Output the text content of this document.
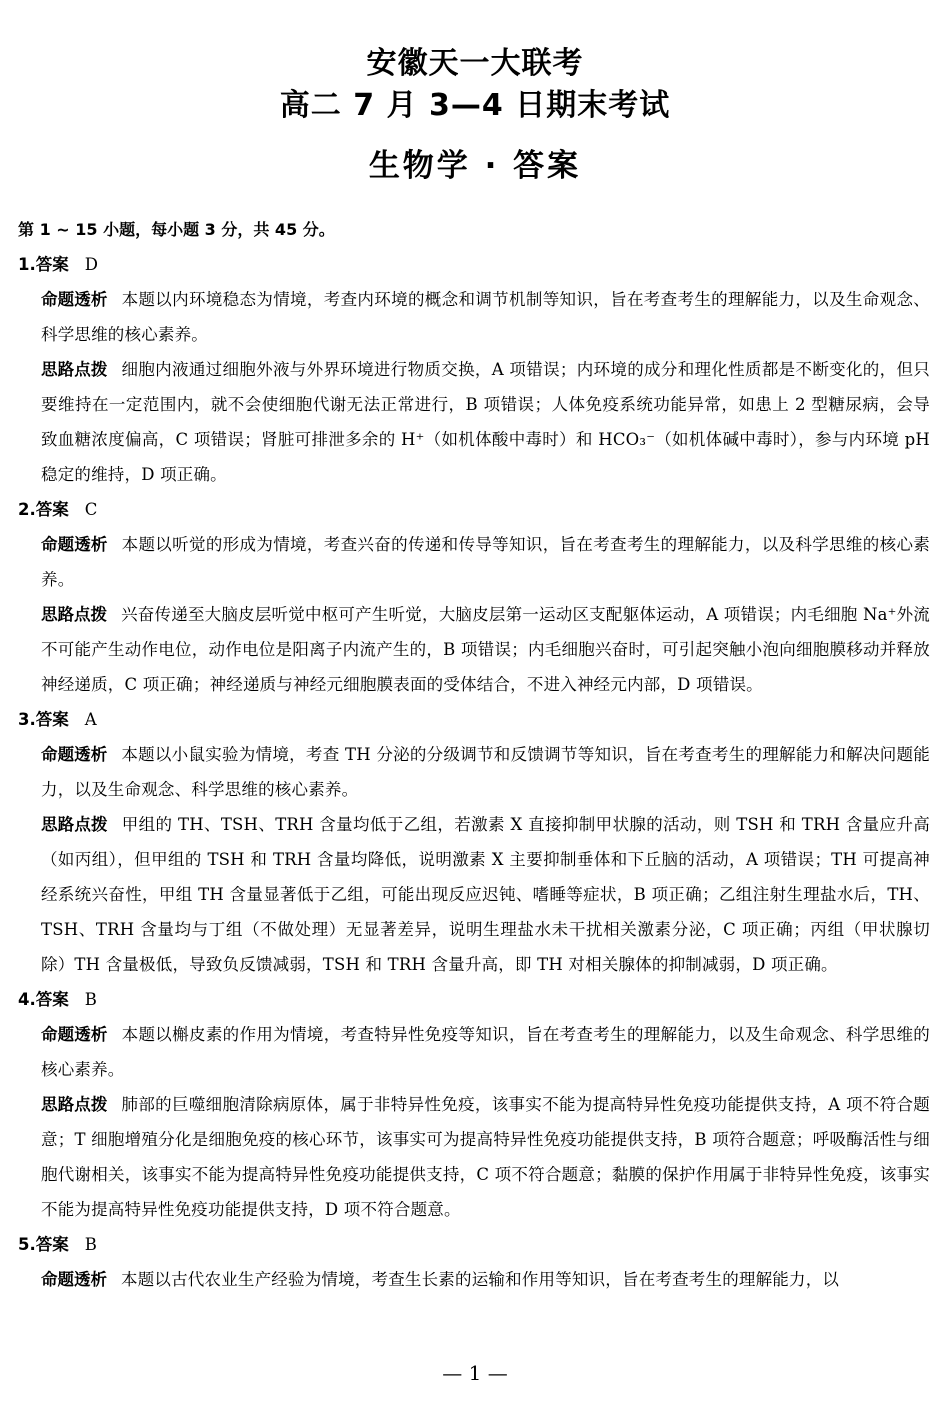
安徽天一大联考
高二 7 月 3—4 日期末考试
生物学 · 答案
第 1 ~ 15 小题，每小题 3 分，共 45 分。
1.答案 D
命题透析 本题以内环境稳态为情境，考查内环境的概念和调节机制等知识，旨在考查考生的理解能力，以及生命观念、科学思维的核心素养。
思路点拨 细胞内液通过细胞外液与外界环境进行物质交换，A 项错误；内环境的成分和理化性质都是不断变化的，但只要维持在一定范围内，就不会使细胞代谢无法正常进行，B 项错误；人体免疫系统功能异常，如患上 2 型糖尿病，会导致血糖浓度偏高，C 项错误；肾脏可排泄多余的 H⁺（如机体酸中毒时）和 HCO₃⁻（如机体碱中毒时），参与内环境 pH 稳定的维持，D 项正确。
2.答案 C
命题透析 本题以听觉的形成为情境，考查兴奋的传递和传导等知识，旨在考查考生的理解能力，以及科学思维的核心素养。
思路点拨 兴奋传递至大脑皮层听觉中枢可产生听觉，大脑皮层第一运动区支配躯体运动，A 项错误；内毛细胞 Na⁺外流不可能产生动作电位，动作电位是阳离子内流产生的，B 项错误；内毛细胞兴奋时，可引起突触小泡向细胞膜移动并释放神经递质，C 项正确；神经递质与神经元细胞膜表面的受体结合，不进入神经元内部，D 项错误。
3.答案 A
命题透析 本题以小鼠实验为情境，考查 TH 分泌的分级调节和反馈调节等知识，旨在考查考生的理解能力和解决问题能力，以及生命观念、科学思维的核心素养。
思路点拨 甲组的 TH、TSH、TRH 含量均低于乙组，若激素 X 直接抑制甲状腺的活动，则 TSH 和 TRH 含量应升高（如丙组），但甲组的 TSH 和 TRH 含量均降低，说明激素 X 主要抑制垂体和下丘脑的活动，A 项错误；TH 可提高神经系统兴奋性，甲组 TH 含量显著低于乙组，可能出现反应迟钝、嗜睡等症状，B 项正确；乙组注射生理盐水后，TH、TSH、TRH 含量均与丁组（不做处理）无显著差异，说明生理盐水未干扰相关激素分泌，C 项正确；丙组（甲状腺切除）TH 含量极低，导致负反馈减弱，TSH 和 TRH 含量升高，即 TH 对相关腺体的抑制减弱，D 项正确。
4.答案 B
命题透析 本题以槲皮素的作用为情境，考查特异性免疫等知识，旨在考查考生的理解能力，以及生命观念、科学思维的核心素养。
思路点拨 肺部的巨噬细胞清除病原体，属于非特异性免疫，该事实不能为提高特异性免疫功能提供支持，A 项不符合题意；T 细胞增殖分化是细胞免疫的核心环节，该事实可为提高特异性免疫功能提供支持，B 项符合题意；呼吸酶活性与细胞代谢相关，该事实不能为提高特异性免疫功能提供支持，C 项不符合题意；黏膜的保护作用属于非特异性免疫，该事实不能为提高特异性免疫功能提供支持，D 项不符合题意。
5.答案 B
命题透析 本题以古代农业生产经验为情境，考查生长素的运输和作用等知识，旨在考查考生的理解能力，以
— 1 —
